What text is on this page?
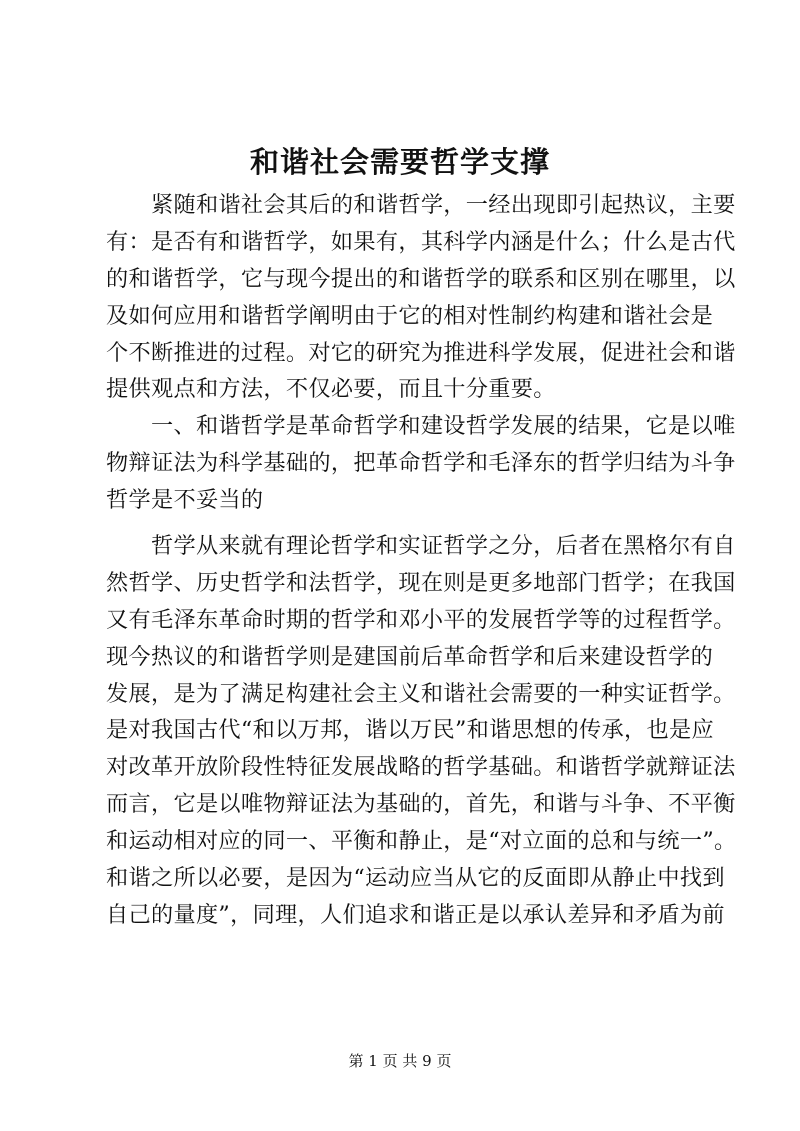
和谐社会需要哲学支撑
　　紧随和谐社会其后的和谐哲学，一经出现即引起热议，主要
有：是否有和谐哲学，如果有，其科学内涵是什么；什么是古代
的和谐哲学，它与现今提出的和谐哲学的联系和区别在哪里，以
及如何应用和谐哲学阐明由于它的相对性制约构建和谐社会是
个不断推进的过程。对它的研究为推进科学发展，促进社会和谐
提供观点和方法，不仅必要，而且十分重要。
　　一、和谐哲学是革命哲学和建设哲学发展的结果，它是以唯
物辩证法为科学基础的，把革命哲学和毛泽东的哲学归结为斗争
哲学是不妥当的
　　哲学从来就有理论哲学和实证哲学之分，后者在黑格尔有自
然哲学、历史哲学和法哲学，现在则是更多地部门哲学；在我国
又有毛泽东革命时期的哲学和邓小平的发展哲学等的过程哲学。
现今热议的和谐哲学则是建国前后革命哲学和后来建设哲学的
发展，是为了满足构建社会主义和谐社会需要的一种实证哲学。
是对我国古代“和以万邦，谐以万民”和谐思想的传承，也是应
对改革开放阶段性特征发展战略的哲学基础。和谐哲学就辩证法
而言，它是以唯物辩证法为基础的，首先，和谐与斗争、不平衡
和运动相对应的同一、平衡和静止，是“对立面的总和与统一”。
和谐之所以必要，是因为“运动应当从它的反面即从静止中找到
自己的量度”，同理，人们追求和谐正是以承认差异和矛盾为前
第 1 页 共 9 页
